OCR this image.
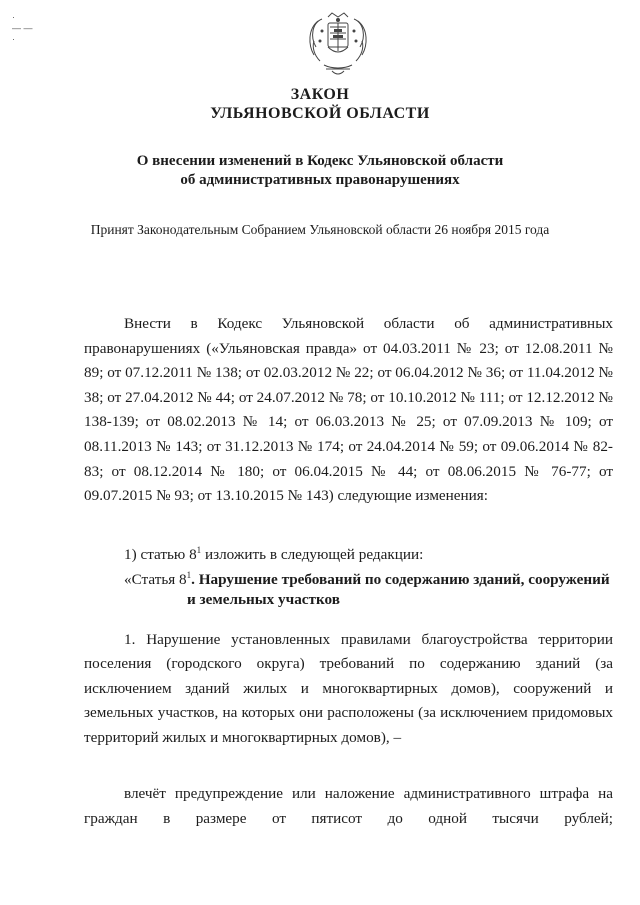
·
— —
·
ЗАКОН
УЛЬЯНОВСКОЙ ОБЛАСТИ
О внесении изменений в Кодекс Ульяновской области
об административных правонарушениях
Принят Законодательным Собранием Ульяновской области 26 ноября 2015 года
Внести в Кодекс Ульяновской области об административных правонарушениях («Ульяновская правда» от 04.03.2011 № 23; от 12.08.2011 № 89; от 07.12.2011 № 138; от 02.03.2012 № 22; от 06.04.2012 № 36; от 11.04.2012 № 38; от 27.04.2012 № 44; от 24.07.2012 № 78; от 10.10.2012 № 111; от 12.12.2012 № 138-139; от 08.02.2013 № 14; от 06.03.2013 № 25; от 07.09.2013 № 109; от 08.11.2013 № 143; от 31.12.2013 № 174; от 24.04.2014 № 59; от 09.06.2014 № 82-83; от 08.12.2014 № 180; от 06.04.2015 № 44; от 08.06.2015 № 76-77; от 09.07.2015 № 93; от 13.10.2015 № 143) следующие изменения:
1) статью $8^1$ изложить в следующей редакции:
«Статья $8^1$. Нарушение требований по содержанию зданий, сооружений
и земельных участков
1. Нарушение установленных правилами благоустройства территории поселения (городского округа) требований по содержанию зданий (за исключением зданий жилых и многоквартирных домов), сооружений и земельных участков, на которых они расположены (за исключением придомовых территорий жилых и многоквартирных домов), –
влечёт предупреждение или наложение административного штрафа на граждан в размере от пятисот до одной тысячи рублей;
